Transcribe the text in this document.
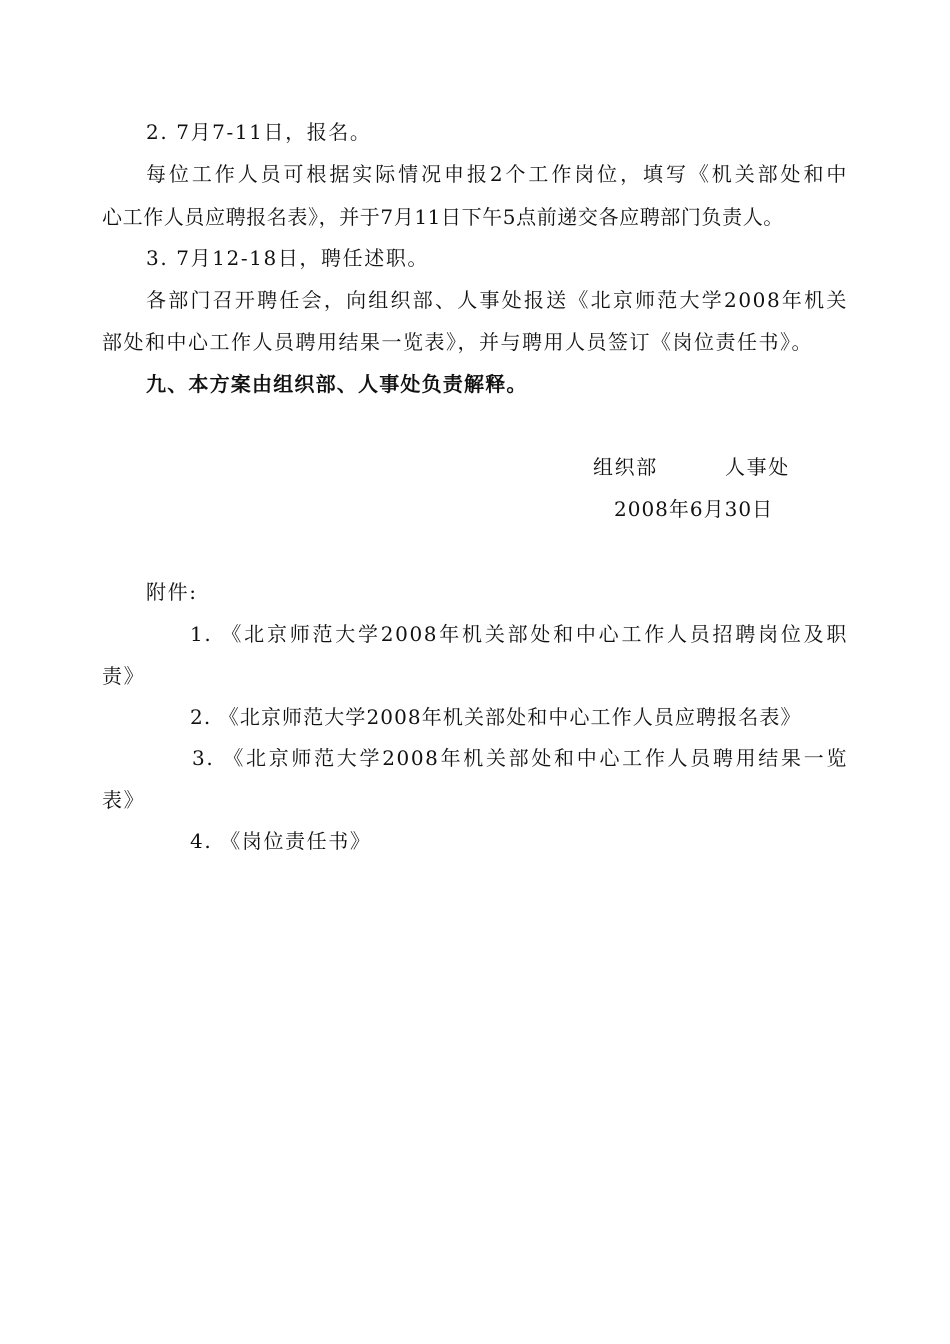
2. 7月7-11日，报名。
每位工作人员可根据实际情况申报2个工作岗位，填写《机关部处和中
心工作人员应聘报名表》，并于7月11日下午5点前递交各应聘部门负责人。
3. 7月12-18日，聘任述职。
各部门召开聘任会，向组织部、人事处报送《北京师范大学2008年机关
部处和中心工作人员聘用结果一览表》，并与聘用人员签订《岗位责任书》。
九、本方案由组织部、人事处负责解释。
组织部	人事处
2008年6月30日
附件:
1. 《北京师范大学2008年机关部处和中心工作人员招聘岗位及职
责》
2. 《北京师范大学2008年机关部处和中心工作人员应聘报名表》
3. 《北京师范大学2008年机关部处和中心工作人员聘用结果一览
表》
4. 《岗位责任书》
